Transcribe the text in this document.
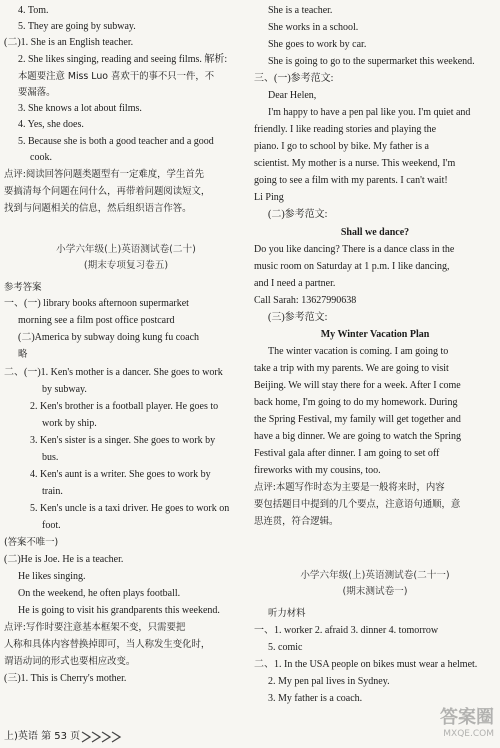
4. Tom.
5. They are going by subway.
(二)1. She is an English teacher.
2. She likes singing, reading and seeing films. 解析:
本题要注意 Miss Luo 喜欢干的事不只一件，不
要漏落。
3. She knows a lot about films.
4. Yes, she does.
5. Because she is both a good teacher and a good
cook.
点评:阅读回答问题类题型有一定难度，学生首先
要搞清每个问题在问什么，再带着问题阅读短文，
找到与问题相关的信息，然后组织语言作答。
小学六年级(上)英语测试卷(二十)
(期末专项复习卷五)
参考答案
一、(一) library books afternoon supermarket
morning see a film post office postcard
(二)America by subway doing kung fu coach
略
二、(一)1. Ken's mother is a dancer. She goes to work
by subway.
2. Ken's brother is a football player. He goes to
work by ship.
3. Ken's sister is a singer. She goes to work by
bus.
4. Ken's aunt is a writer. She goes to work by
train.
5. Ken's uncle is a taxi driver. He goes to work on
foot.
(答案不唯一)
(二)He is Joe. He is a teacher.
He likes singing.
On the weekend, he often plays football.
He is going to visit his grandparents this weekend.
点评:写作时要注意基本框架不变，只需要把
人称和具体内容替换掉即可，当人称发生变化时，
谓语动词的形式也要相应改变。
(三)1. This is Cherry's mother.
She is a teacher.
She works in a school.
She goes to work by car.
She is going to go to the supermarket this weekend.
三、(一)参考范文:
Dear Helen,
I'm happy to have a pen pal like you. I'm quiet and
friendly. I like reading stories and playing the
piano. I go to school by bike. My father is a
scientist. My mother is a nurse. This weekend, I'm
going to see a film with my parents. I can't wait!
Li Ping
(二)参考范文:
Shall we dance?
Do you like dancing? There is a dance class in the
music room on Saturday at 1 p.m. I like dancing,
and I need a partner.
Call Sarah: 13627990638
(三)参考范文:
My Winter Vacation Plan
The winter vacation is coming. I am going to
take a trip with my parents. We are going to visit
Beijing. We will stay there for a week. After I come
back home, I'm going to do my homework. During
the Spring Festival, my family will get together and
have a big dinner. We are going to watch the Spring
Festival gala after dinner. I am going to set off
fireworks with my cousins, too.
点评:本题写作时态为主要是一般将来时，内容
要包括题目中提到的几个要点，注意语句通顺，意
思连贯，符合逻辑。
小学六年级(上)英语测试卷(二十一)
(期末测试卷一)
听力材料
一、1. worker 2. afraid 3. dinner 4. tomorrow
5. comic
二、1. In the USA people on bikes must wear a helmet.
2. My pen pal lives in Sydney.
3. My father is a coach.
上)英语 第 53 页
答案圈
MXQE.COM
